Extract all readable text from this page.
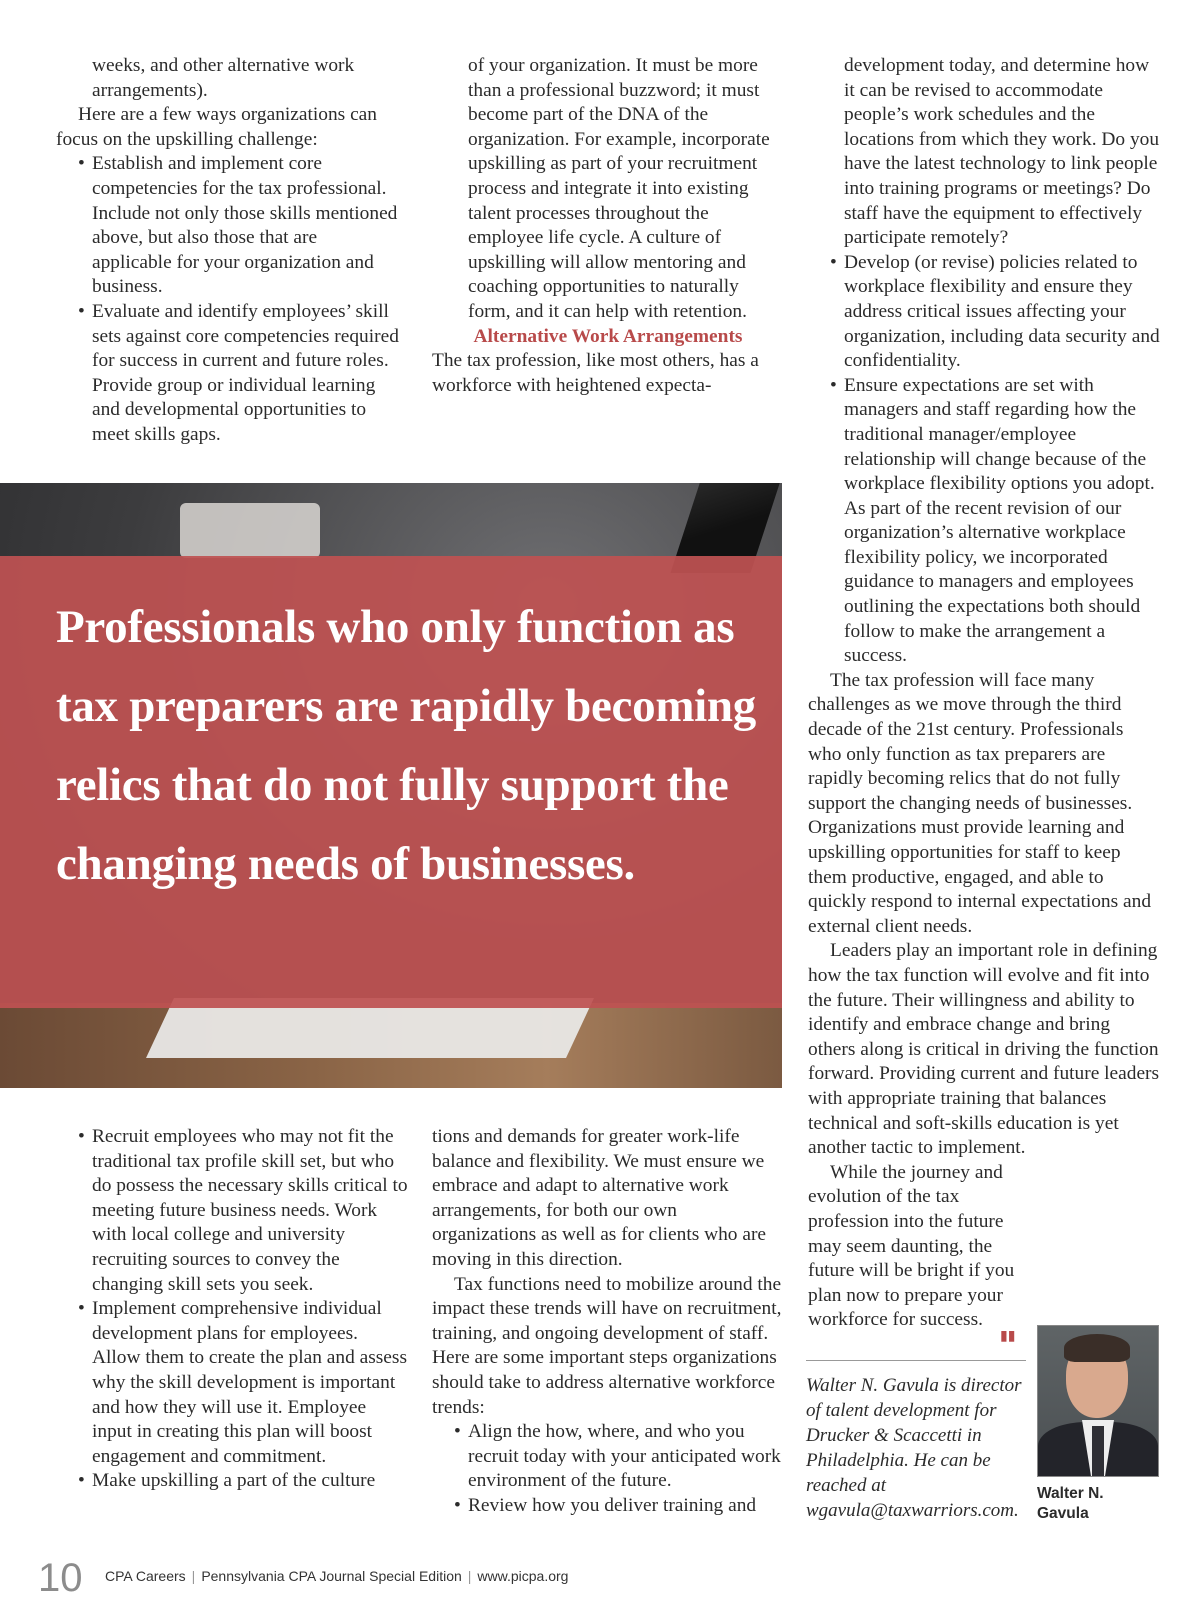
weeks, and other alternative work arrangements).

Here are a few ways organizations can focus on the upskilling challenge:

• Establish and implement core competencies for the tax professional. Include not only those skills mentioned above, but also those that are applicable for your organization and business.
• Evaluate and identify employees’ skill sets against core competencies required for success in current and future roles. Provide group or individual learning and developmental opportunities to meet skills gaps.
of your organization. It must be more than a professional buzzword; it must become part of the DNA of the organization. For example, incorporate upskilling as part of your recruitment process and integrate it into existing talent processes throughout the employee life cycle. A culture of upskilling will allow mentoring and coaching opportunities to naturally form, and it can help with retention.

Alternative Work Arrangements

The tax profession, like most others, has a workforce with heightened expecta-

development today, and determine how it can be revised to accommodate people’s work schedules and the locations from which they work. Do you have the latest technology to link people into training programs or meetings? Do staff have the equipment to effectively participate remotely?
• Develop (or revise) policies related to workplace flexibility and ensure they address critical issues affecting your organization, including data security and confidentiality.
• Ensure expectations are set with managers and staff regarding how the traditional manager/employee relationship will change because of the workplace flexibility options you adopt. As part of the recent revision of our organization’s alternative workplace flexibility policy, we incorporated guidance to managers and employees outlining the expectations both should follow to make the arrangement a success.

The tax profession will face many challenges as we move through the third decade of the 21st century. Professionals who only function as tax preparers are rapidly becoming relics that do not fully support the changing needs of businesses. Organizations must provide learning and upskilling opportunities for staff to keep them productive, engaged, and able to quickly respond to internal expectations and external client needs.

Leaders play an important role in defining how the tax function will evolve and fit into the future. Their willingness and ability to identify and embrace change and bring others along is critical in driving the function forward. Providing current and future leaders with appropriate training that balances technical and soft-skills education is yet another tactic to implement.

While the journey and evolution of the tax profession into the future may seem daunting, the future will be bright if you plan now to prepare your workforce for success.

Professionals who only function as tax preparers are rapidly becoming relics that do not fully support the changing needs of businesses.
• Recruit employees who may not fit the traditional tax profile skill set, but who do possess the necessary skills critical to meeting future business needs. Work with local college and university recruiting sources to convey the changing skill sets you seek.
• Implement comprehensive individual development plans for employees. Allow them to create the plan and assess why the skill development is important and how they will use it. Employee input in creating this plan will boost engagement and commitment.
• Make upskilling a part of the culture

tions and demands for greater work-life balance and flexibility. We must ensure we embrace and adapt to alternative work arrangements, for both our own organizations as well as for clients who are moving in this direction.

Tax functions need to mobilize around the impact these trends will have on recruitment, training, and ongoing development of staff. Here are some important steps organizations should take to address alternative workforce trends:

• Align the how, where, and who you recruit today with your anticipated work environment of the future.
• Review how you deliver training and
▮▮
Walter N. Gavula is director of talent development for Drucker & Scaccetti in Philadelphia. He can be reached at wgavula@taxwarriors.com.
Walter N. Gavula
10 CPA Careers | Pennsylvania CPA Journal Special Edition | www.picpa.org
